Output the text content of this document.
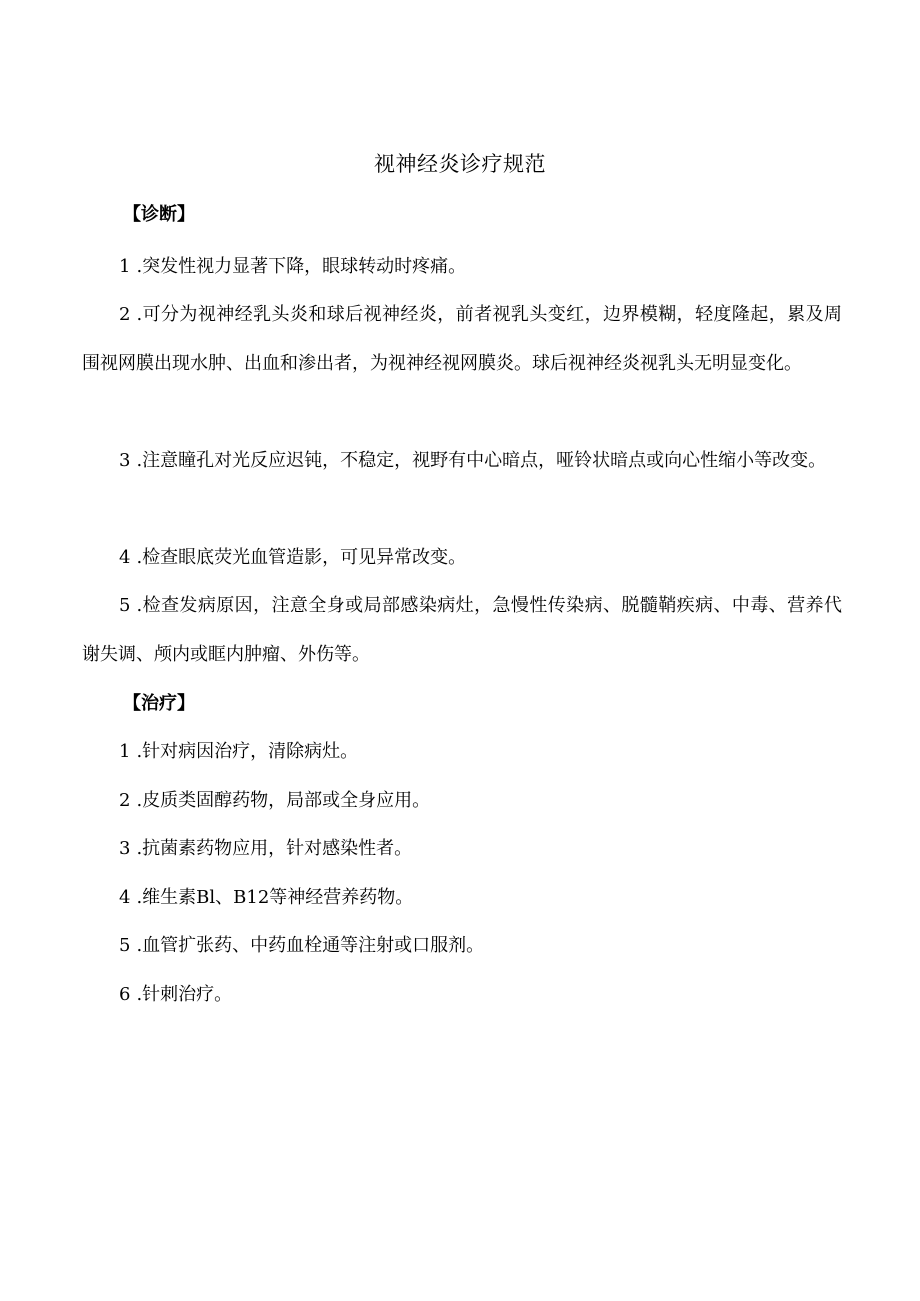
视神经炎诊疗规范
【诊断】
1 .突发性视力显著下降，眼球转动时疼痛。
2 .可分为视神经乳头炎和球后视神经炎，前者视乳头变红，边界模糊，轻度隆起，累及周围视网膜出现水肿、出血和渗出者，为视神经视网膜炎。球后视神经炎视乳头无明显变化。
3 .注意瞳孔对光反应迟钝，不稳定，视野有中心暗点，哑铃状暗点或向心性缩小等改变。
4 .检查眼底荧光血管造影，可见异常改变。
5 .检查发病原因，注意全身或局部感染病灶，急慢性传染病、脱髓鞘疾病、中毒、营养代谢失调、颅内或眶内肿瘤、外伤等。
【治疗】
1 .针对病因治疗，清除病灶。
2 .皮质类固醇药物，局部或全身应用。
3 .抗菌素药物应用，针对感染性者。
4 .维生素Bl、B12等神经营养药物。
5 .血管扩张药、中药血栓通等注射或口服剂。
6 .针刺治疗。
